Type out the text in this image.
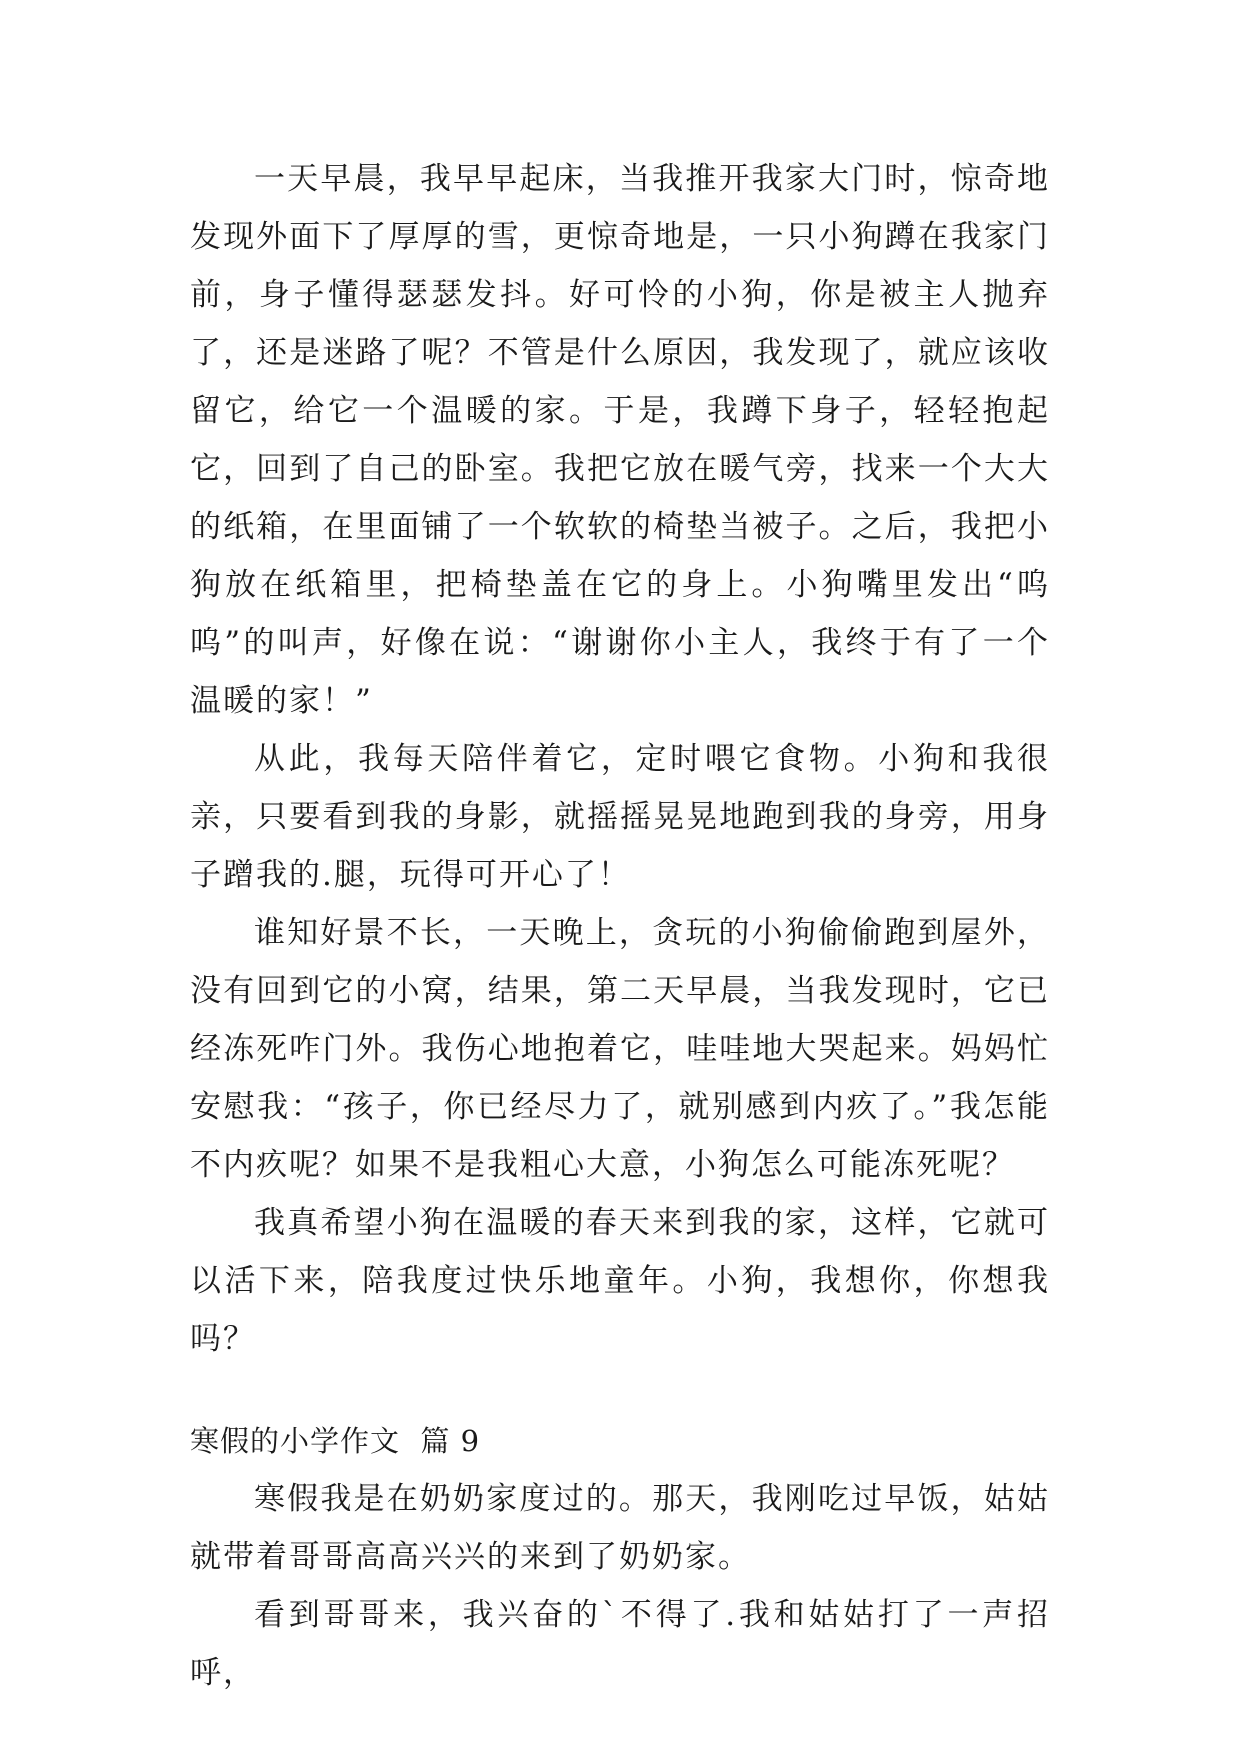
一天早晨，我早早起床，当我推开我家大门时，惊奇地发现外面下了厚厚的雪，更惊奇地是，一只小狗蹲在我家门前，身子懂得瑟瑟发抖。好可怜的小狗，你是被主人抛弃了，还是迷路了呢？不管是什么原因，我发现了，就应该收留它，给它一个温暖的家。于是，我蹲下身子，轻轻抱起它，回到了自己的卧室。我把它放在暖气旁，找来一个大大的纸箱，在里面铺了一个软软的椅垫当被子。之后，我把小狗放在纸箱里，把椅垫盖在它的身上。小狗嘴里发出“呜呜”的叫声，好像在说：“谢谢你小主人，我终于有了一个温暖的家！”

从此，我每天陪伴着它，定时喂它食物。小狗和我很亲，只要看到我的身影，就摇摇晃晃地跑到我的身旁，用身子蹭我的.腿，玩得可开心了！

谁知好景不长，一天晚上，贪玩的小狗偷偷跑到屋外，没有回到它的小窝，结果，第二天早晨，当我发现时，它已经冻死咋门外。我伤心地抱着它，哇哇地大哭起来。妈妈忙安慰我：“孩子，你已经尽力了，就别感到内疚了。”我怎能不内疚呢？如果不是我粗心大意，小狗怎么可能冻死呢？

我真希望小狗在温暖的春天来到我的家，这样，它就可以活下来，陪我度过快乐地童年。小狗，我想你，你想我吗？

寒假的小学作文  篇 9

寒假我是在奶奶家度过的。那天，我刚吃过早饭，姑姑就带着哥哥高高兴兴的来到了奶奶家。

看到哥哥来，我兴奋的`不得了.我和姑姑打了一声招呼，
